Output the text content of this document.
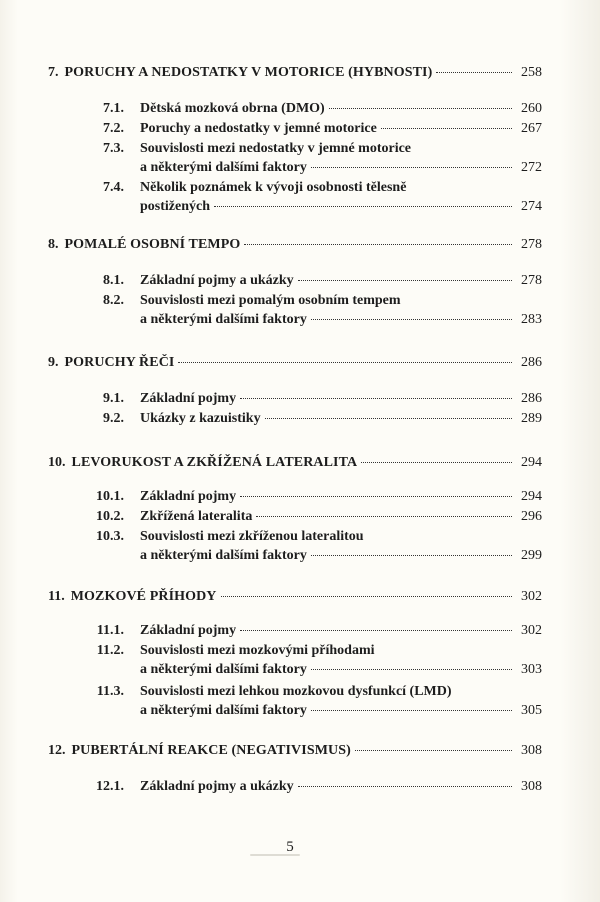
7. PORUCHY A NEDOSTATKY V MOTORICE (HYBNOSTI)	258
7.1. Dětská mozková obrna (DMO)	260
7.2. Poruchy a nedostatky v jemné motorice	267
7.3. Souvislosti mezi nedostatky v jemné motorice
a některými dalšími faktory	272
7.4. Několik poznámek k vývoji osobnosti tělesně
postižených	274
8. POMALÉ OSOBNÍ TEMPO	278
8.1. Základní pojmy a ukázky	278
8.2. Souvislosti mezi pomalým osobním tempem
a některými dalšími faktory	283
9. PORUCHY ŘEČI	286
9.1. Základní pojmy	286
9.2. Ukázky z kazuistiky	289
10. LEVORUKOST A ZKŘÍŽENÁ LATERALITA	294
10.1. Základní pojmy	294
10.2. Zkřížená lateralita	296
10.3. Souvislosti mezi zkříženou lateralitou
a některými dalšími faktory	299
11. MOZKOVÉ PŘÍHODY	302
11.1. Základní pojmy	302
11.2. Souvislosti mezi mozkovými příhodami
a některými dalšími faktory	303
11.3. Souvislosti mezi lehkou mozkovou dysfunkcí (LMD)
a některými dalšími faktory	305
12. PUBERTÁLNÍ REAKCE (NEGATIVISMUS)	308
12.1. Základní pojmy a ukázky	308
5
